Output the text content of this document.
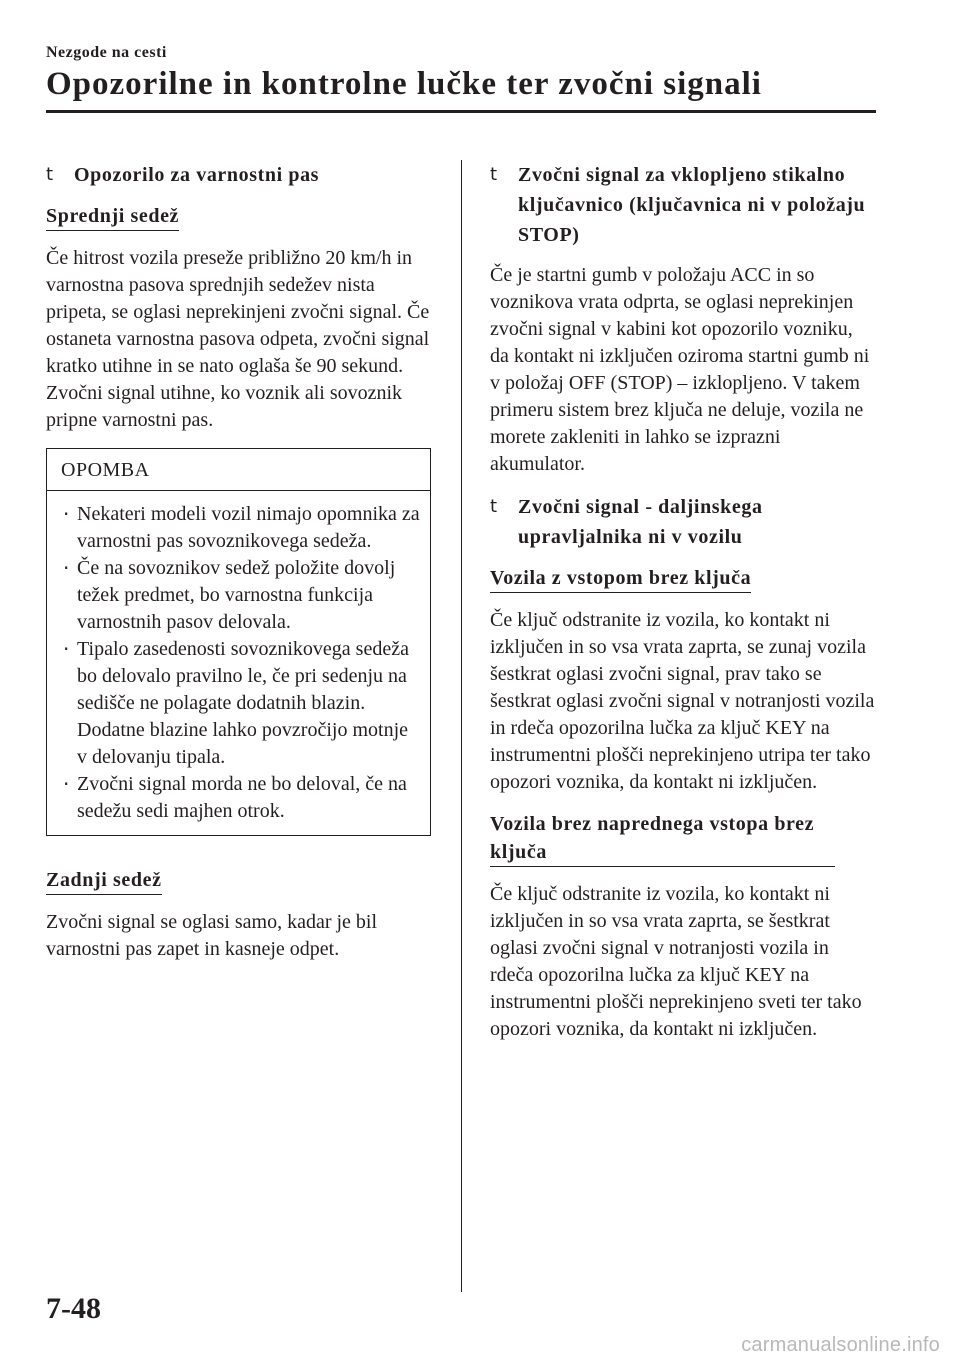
Nezgode na cesti
Opozorilne in kontrolne lučke ter zvočni signali
t Opozorilo za varnostni pas
Sprednji sedež

Če hitrost vozila preseže približno 20 km/h in varnostna pasova sprednjih sedežev nista pripeta, se oglasi neprekinjeni zvočni signal. Če ostaneta varnostna pasova odpeta, zvočni signal kratko utihne in se nato oglaša še 90 sekund. Zvočni signal utihne, ko voznik ali sovoznik pripne varnostni pas.

OPOMBA
· Nekateri modeli vozil nimajo opomnika za varnostni pas sovoznikovega sedeža.
· Če na sovoznikov sedež položite dovolj težek predmet, bo varnostna funkcija varnostnih pasov delovala.
· Tipalo zasedenosti sovoznikovega sedeža bo delovalo pravilno le, če pri sedenju na sedišče ne polagate dodatnih blazin. Dodatne blazine lahko povzročijo motnje v delovanju tipala.
· Zvočni signal morda ne bo deloval, če na sedežu sedi majhen otrok.
Zadnji sedež

Zvočni signal se oglasi samo, kadar je bil varnostni pas zapet in kasneje odpet.

t Zvočni signal za vklopljeno stikalno ključavnico (ključavnica ni v položaju STOP)

Če je startni gumb v položaju ACC in so voznikova vrata odprta, se oglasi neprekinjen zvočni signal v kabini kot opozorilo vozniku, da kontakt ni izključen oziroma startni gumb ni v položaj OFF (STOP) – izklopljeno. V takem primeru sistem brez ključa ne deluje, vozila ne morete zakleniti in lahko se izprazni akumulator.

t Zvočni signal - daljinskega upravljalnika ni v vozilu
Vozila z vstopom brez ključa

Če ključ odstranite iz vozila, ko kontakt ni izključen in so vsa vrata zaprta, se zunaj vozila šestkrat oglasi zvočni signal, prav tako se šestkrat oglasi zvočni signal v notranjosti vozila in rdeča opozorilna lučka za ključ KEY na instrumentni plošči neprekinjeno utripa ter tako opozori voznika, da kontakt ni izključen.

Vozila brez naprednega vstopa brez ključa

Če ključ odstranite iz vozila, ko kontakt ni izključen in so vsa vrata zaprta, se šestkrat oglasi zvočni signal v notranjosti vozila in rdeča opozorilna lučka za ključ KEY na instrumentni plošči neprekinjeno sveti ter tako opozori voznika, da kontakt ni izključen.

7-48
carmanualsonline.info
